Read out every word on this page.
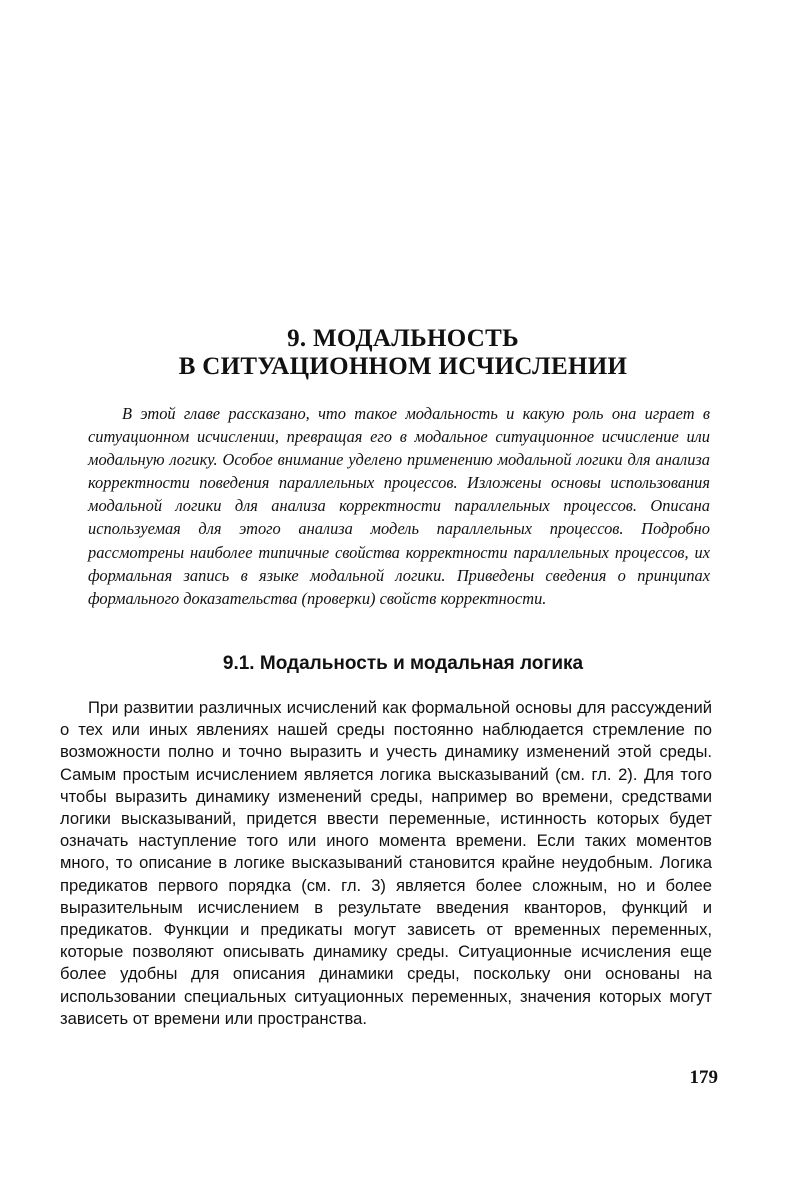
9. МОДАЛЬНОСТЬ
В СИТУАЦИОННОМ ИСЧИСЛЕНИИ

В этой главе рассказано, что такое модальность и какую роль она играет в ситуационном исчислении, превращая его в модальное ситуационное исчисление или модальную логику. Особое внимание уделено применению модальной логики для анализа корректности поведения параллельных процессов. Изложены основы использования модальной логики для анализа корректности параллельных процессов. Описана используемая для этого анализа модель параллельных процессов. Подробно рассмотрены наиболее типичные свойства корректности параллельных процессов, их формальная запись в языке модальной логики. Приведены сведения о принципах формального доказательства (проверки) свойств корректности.

9.1. Модальность и модальная логика

При развитии различных исчислений как формальной основы для рассуждений о тех или иных явлениях нашей среды постоянно наблюдается стремление по возможности полно и точно выразить и учесть динамику изменений этой среды. Самым простым исчислением является логика высказываний (см. гл. 2). Для того чтобы выразить динамику изменений среды, например во времени, средствами логики высказываний, придется ввести переменные, истинность которых будет означать наступление того или иного момента времени. Если таких моментов много, то описание в логике высказываний становится крайне неудобным. Логика предикатов первого порядка (см. гл. 3) является более сложным, но и более выразительным исчислением в результате введения кванторов, функций и предикатов. Функции и предикаты могут зависеть от временных переменных, которые позволяют описывать динамику среды. Ситуационные исчисления еще более удобны для описания динамики среды, поскольку они основаны на использовании специальных ситуационных переменных, значения которых могут зависеть от времени или пространства.

179
